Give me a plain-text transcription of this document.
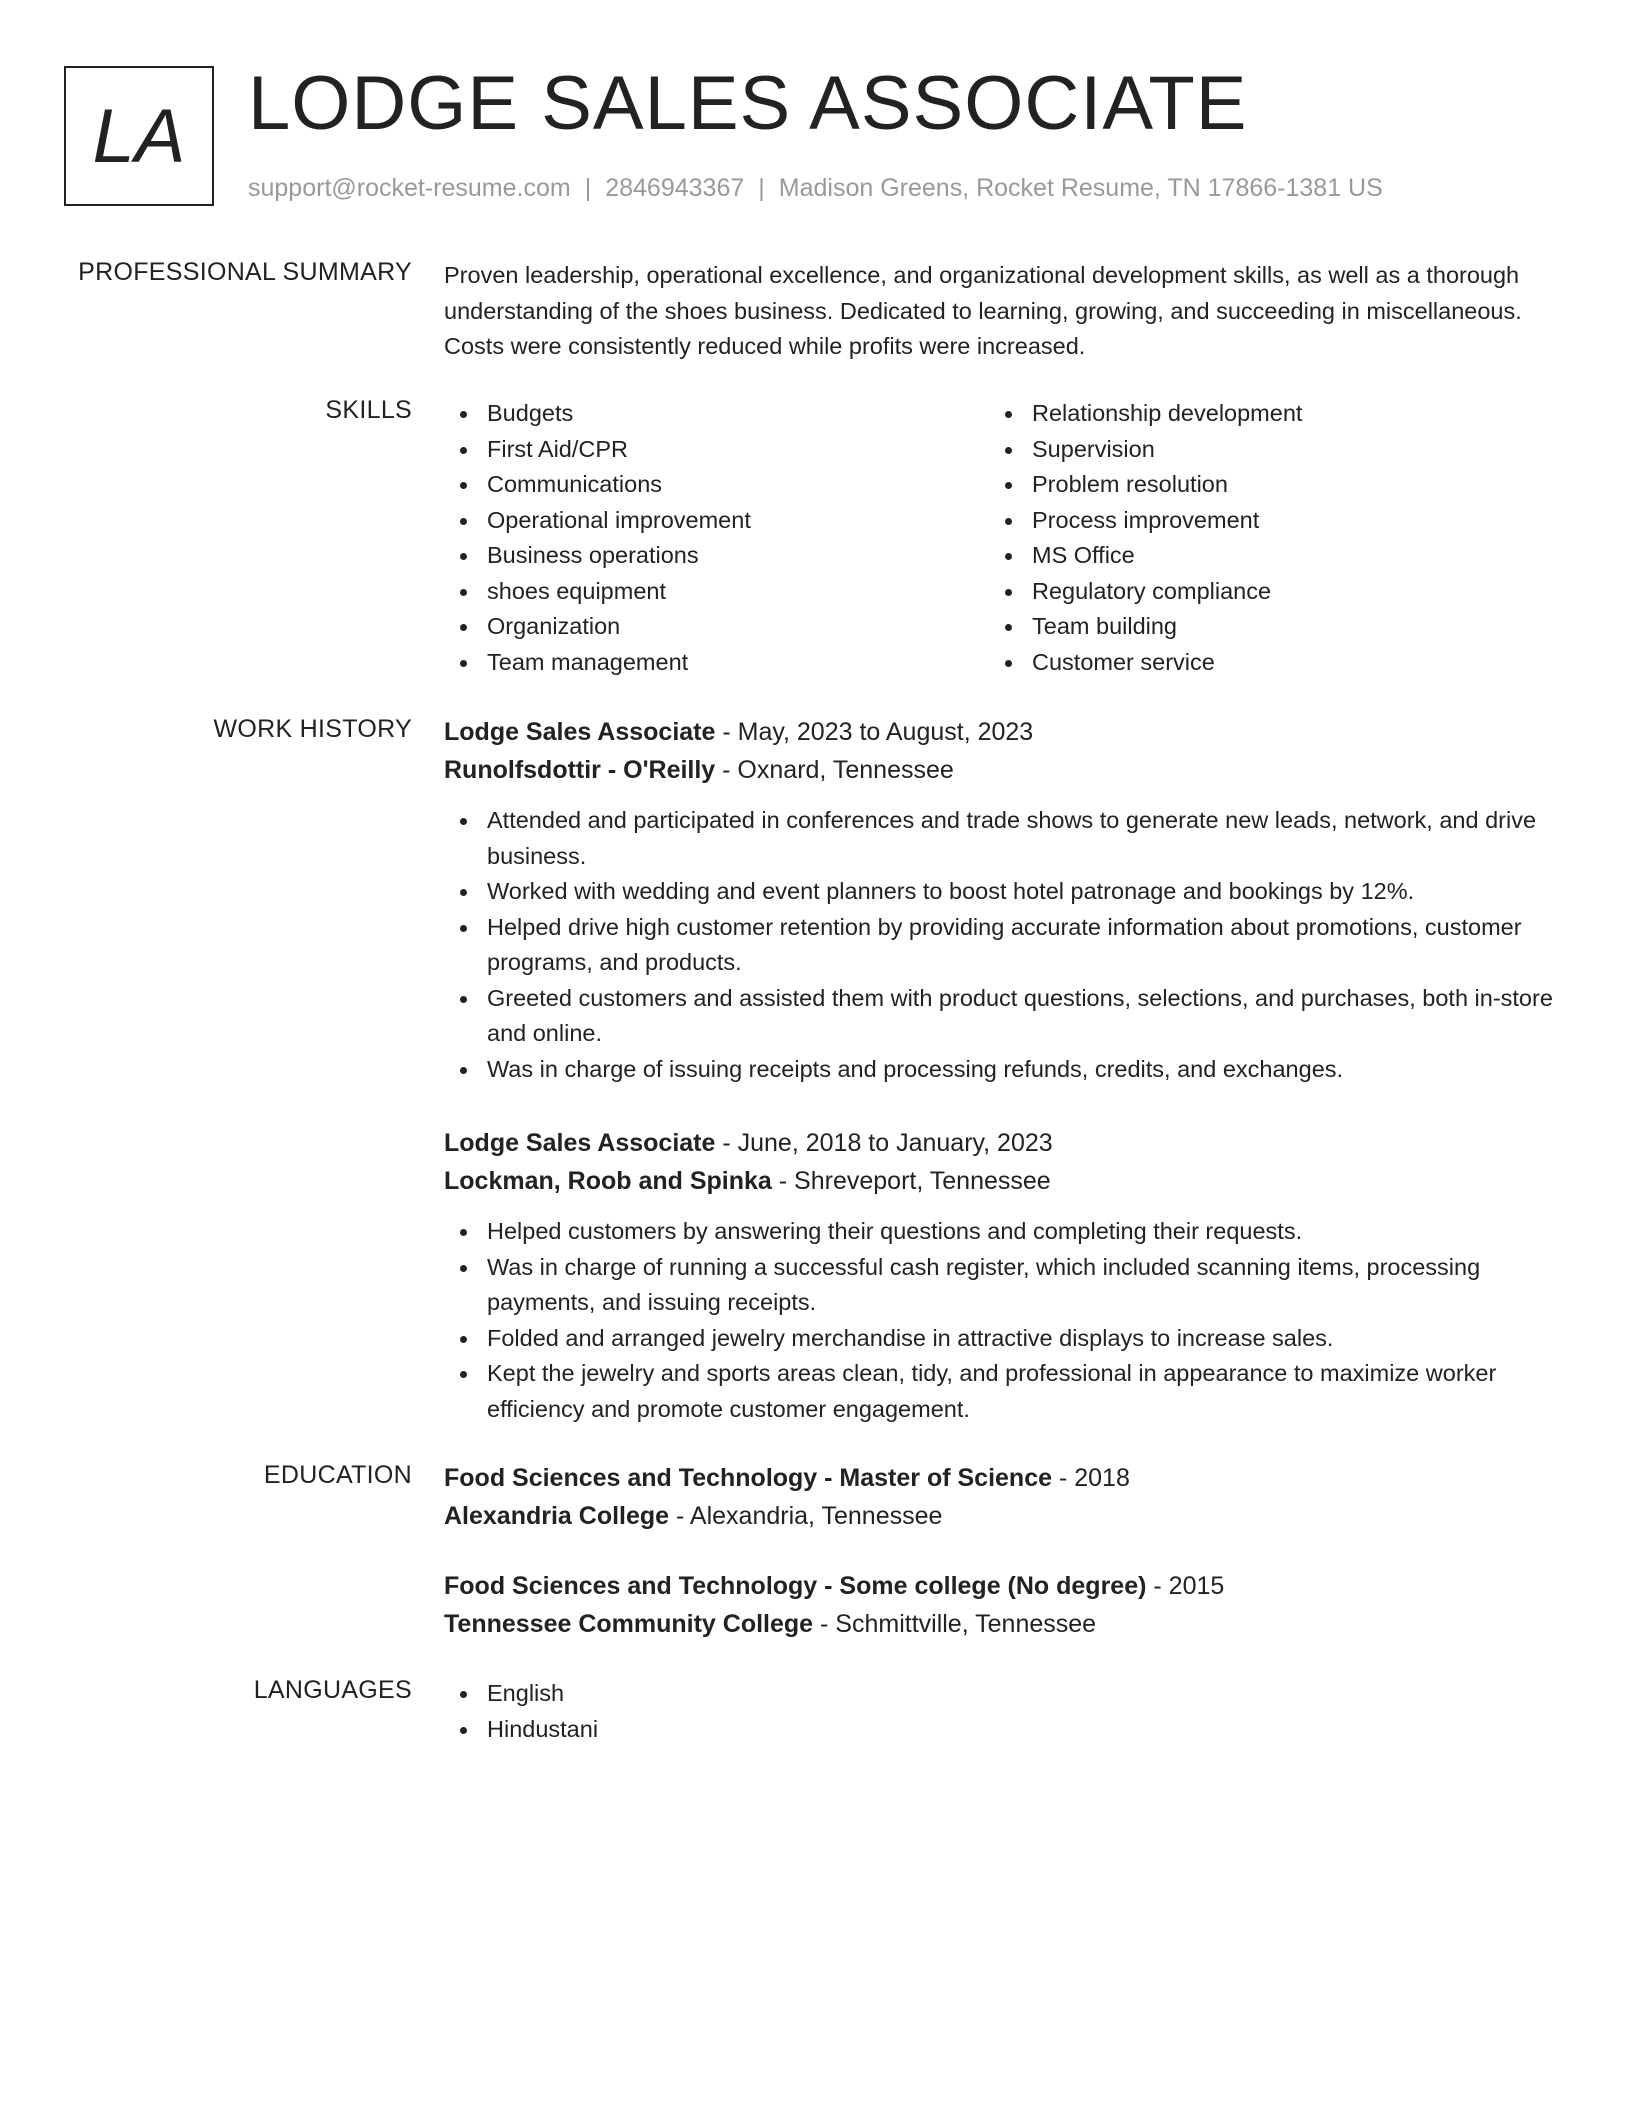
LA LODGE SALES ASSOCIATE
support@rocket-resume.com | 2846943367 | Madison Greens, Rocket Resume, TN 17866-1381 US
PROFESSIONAL SUMMARY Proven leadership, operational excellence, and organizational development skills, as well as a thorough understanding of the shoes business. Dedicated to learning, growing, and succeeding in miscellaneous. Costs were consistently reduced while profits were increased.
SKILLS	Budgets	Relationship development
First Aid/CPR	Supervision
Communications	Problem resolution
Operational improvement	Process improvement
Business operations	MS Office
shoes equipment	Regulatory compliance
Organization	Team building
Team management	Customer service
WORK HISTORY Lodge Sales Associate - May, 2023 to August, 2023
Runolfsdottir - O'Reilly - Oxnard, Tennessee
Attended and participated in conferences and trade shows to generate new leads, network, and drive business.
Worked with wedding and event planners to boost hotel patronage and bookings by 12%.
Helped drive high customer retention by providing accurate information about promotions, customer programs, and products.
Greeted customers and assisted them with product questions, selections, and purchases, both in-store and online.
Was in charge of issuing receipts and processing refunds, credits, and exchanges.
Lodge Sales Associate - June, 2018 to January, 2023
Lockman, Roob and Spinka - Shreveport, Tennessee
Helped customers by answering their questions and completing their requests.
Was in charge of running a successful cash register, which included scanning items, processing payments, and issuing receipts.
Folded and arranged jewelry merchandise in attractive displays to increase sales.
Kept the jewelry and sports areas clean, tidy, and professional in appearance to maximize worker efficiency and promote customer engagement.
EDUCATION Food Sciences and Technology - Master of Science - 2018
Alexandria College - Alexandria, Tennessee
Food Sciences and Technology - Some college (No degree) - 2015
Tennessee Community College - Schmittville, Tennessee
LANGUAGES	English
Hindustani
